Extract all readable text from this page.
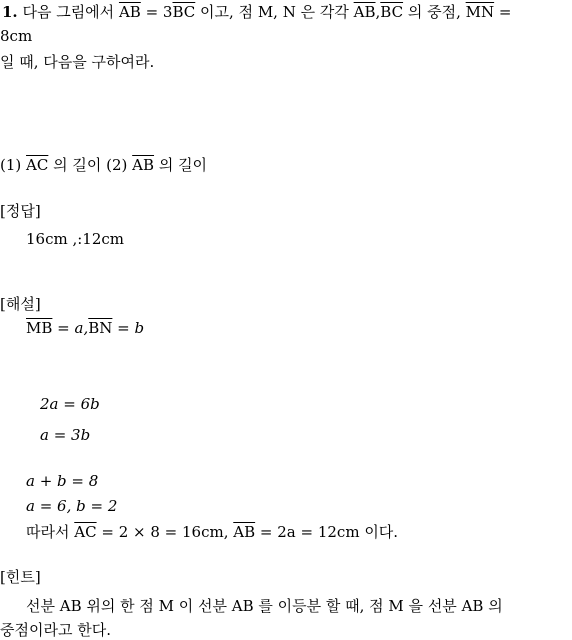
1. 다음 그림에서 $\overline{AB} = 3\overline{BC}$ 이고, 점 M, N 은 각각 $\overline{AB},\overline{BC}$ 의 중점, $\overline{MN}$ =
8cm
일 때, 다음을 구하여라.
(1) $\overline{AC}$ 의 길이 (2) $\overline{AB}$ 의 길이
[정답]
16cm ,:12cm
[해설]
$\overline{MB} = a,\overline{BN} = b$
2a = 6b
a = 3b
a + b = 8
a = 6, b = 2
따라서 $\overline{AC} = 2 \times 8 = 16cm$, $\overline{AB} = 2a = 12cm$ 이다.
[힌트]
선분 AB 위의 한 점 M 이 선분 AB 를 이등분 할 때, 점 M 을 선분 AB 의
중점이라고 한다.
